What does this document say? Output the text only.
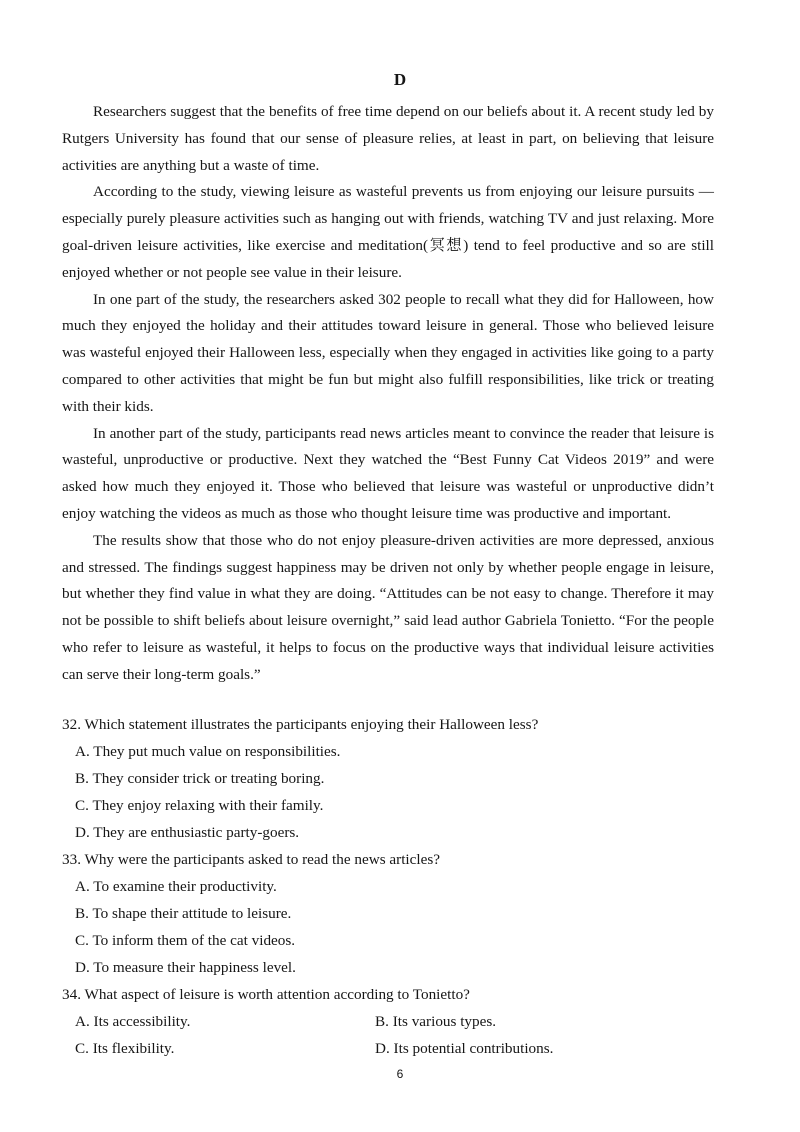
D

Researchers suggest that the benefits of free time depend on our beliefs about it. A recent study led by Rutgers University has found that our sense of pleasure relies, at least in part, on believing that leisure activities are anything but a waste of time.

According to the study, viewing leisure as wasteful prevents us from enjoying our leisure pursuits — especially purely pleasure activities such as hanging out with friends, watching TV and just relaxing. More goal-driven leisure activities, like exercise and meditation(冥想) tend to feel productive and so are still enjoyed whether or not people see value in their leisure.

In one part of the study, the researchers asked 302 people to recall what they did for Halloween, how much they enjoyed the holiday and their attitudes toward leisure in general. Those who believed leisure was wasteful enjoyed their Halloween less, especially when they engaged in activities like going to a party compared to other activities that might be fun but might also fulfill responsibilities, like trick or treating with their kids.

In another part of the study, participants read news articles meant to convince the reader that leisure is wasteful, unproductive or productive. Next they watched the “Best Funny Cat Videos 2019” and were asked how much they enjoyed it. Those who believed that leisure was wasteful or unproductive didn’t enjoy watching the videos as much as those who thought leisure time was productive and important.

The results show that those who do not enjoy pleasure-driven activities are more depressed, anxious and stressed. The findings suggest happiness may be driven not only by whether people engage in leisure, but whether they find value in what they are doing. “Attitudes can be not easy to change. Therefore it may not be possible to shift beliefs about leisure overnight,” said lead author Gabriela Tonietto. “For the people who refer to leisure as wasteful, it helps to focus on the productive ways that individual leisure activities can serve their long-term goals.”

32. Which statement illustrates the participants enjoying their Halloween less?

A. They put much value on responsibilities.

B. They consider trick or treating boring.

C. They enjoy relaxing with their family.

D. They are enthusiastic party-goers.

33. Why were the participants asked to read the news articles?

A. To examine their productivity.

B. To shape their attitude to leisure.

C. To inform them of the cat videos.

D. To measure their happiness level.

34. What aspect of leisure is worth attention according to Tonietto?

A. Its accessibility.	B. Its various types.
C. Its flexibility.	D. Its potential contributions.
6
